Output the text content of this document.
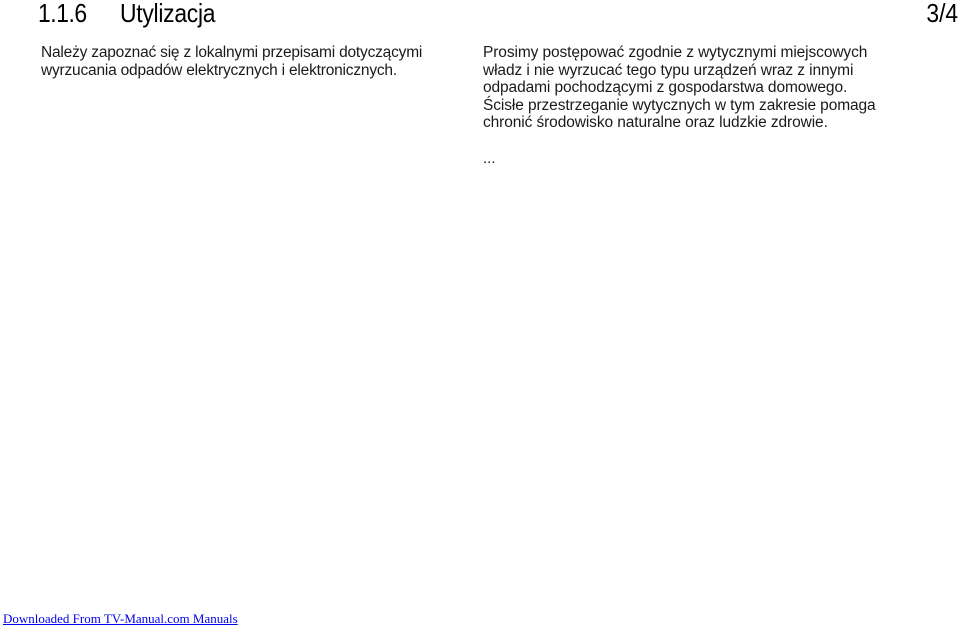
1.1.6 Utylizacja	3/4

Należy zapoznać się z lokalnymi przepisami dotyczącymi
wyrzucania odpadów elektrycznych i elektronicznych.

Prosimy postępować zgodnie z wytycznymi miejscowych
władz i nie wyrzucać tego typu urządzeń wraz z innymi
odpadami pochodzącymi z gospodarstwa domowego.
Ścisłe przestrzeganie wytycznych w tym zakresie pomaga
chronić środowisko naturalne oraz ludzkie zdrowie.

...
Downloaded From TV-Manual.com Manuals
